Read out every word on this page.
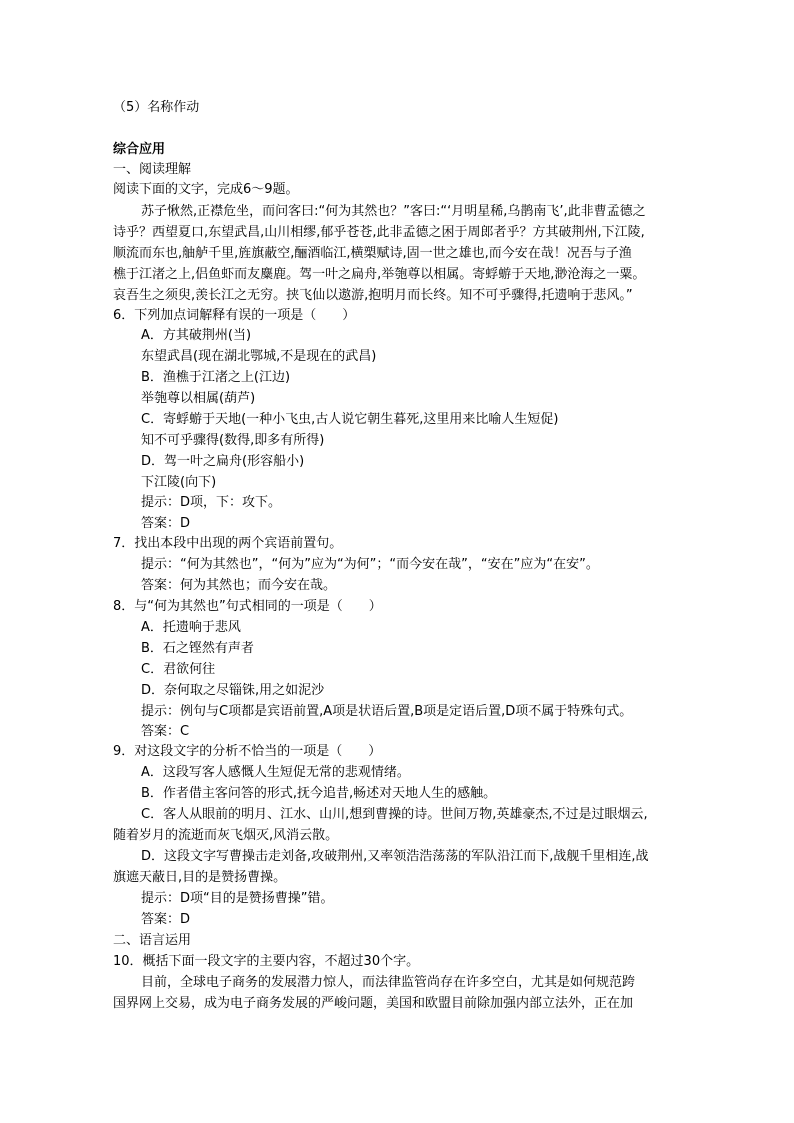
（5）名称作动
综合应用
一、阅读理解
阅读下面的文字，完成6～9题。
苏子愀然,正襟危坐，而问客曰:“何为其然也？”客曰:“‘月明星稀,乌鹊南飞’,此非曹孟德之
诗乎？西望夏口,东望武昌,山川相缪,郁乎苍苍,此非孟德之困于周郎者乎？方其破荆州,下江陵,
顺流而东也,舳舻千里,旌旗蔽空,酾酒临江,横槊赋诗,固一世之雄也,而今安在哉！况吾与子渔
樵于江渚之上,侣鱼虾而友麋鹿。驾一叶之扁舟,举匏尊以相属。寄蜉蝣于天地,渺沧海之一粟。
哀吾生之须臾,羡长江之无穷。挟飞仙以遨游,抱明月而长终。知不可乎骤得,托遗响于悲风。”
6．下列加点词解释有误的一项是（　　）
A．方其破荆州(当)
东望武昌(现在湖北鄂城,不是现在的武昌)
B．渔樵于江渚之上(江边)
举匏尊以相属(葫芦)
C．寄蜉蝣于天地(一种小飞虫,古人说它朝生暮死,这里用来比喻人生短促)
知不可乎骤得(数得,即多有所得)
D．驾一叶之扁舟(形容船小)
下江陵(向下)
提示：D项，下：攻下。
答案：D
7．找出本段中出现的两个宾语前置句。
提示：“何为其然也”，“何为”应为“为何”；“而今安在哉”，“安在”应为“在安”。
答案：何为其然也；而今安在哉。
8．与“何为其然也”句式相同的一项是（　　）
A．托遗响于悲风
B．石之铿然有声者
C．君欲何往
D．奈何取之尽锱铢,用之如泥沙
提示：例句与C项都是宾语前置,A项是状语后置,B项是定语后置,D项不属于特殊句式。
答案：C
9．对这段文字的分析不恰当的一项是（　　）
A．这段写客人感慨人生短促无常的悲观情绪。
B．作者借主客问答的形式,抚今追昔,畅述对天地人生的感触。
C．客人从眼前的明月、江水、山川,想到曹操的诗。世间万物,英雄豪杰,不过是过眼烟云,
随着岁月的流逝而灰飞烟灭,风消云散。
D．这段文字写曹操击走刘备,攻破荆州,又率领浩浩荡荡的军队沿江而下,战舰千里相连,战
旗遮天蔽日,目的是赞扬曹操。
提示：D项“目的是赞扬曹操”错。
答案：D
二、语言运用
10．概括下面一段文字的主要内容，不超过30个字。
目前，全球电子商务的发展潜力惊人，而法律监管尚存在许多空白，尤其是如何规范跨
国界网上交易，成为电子商务发展的严峻问题，美国和欧盟目前除加强内部立法外，正在加
